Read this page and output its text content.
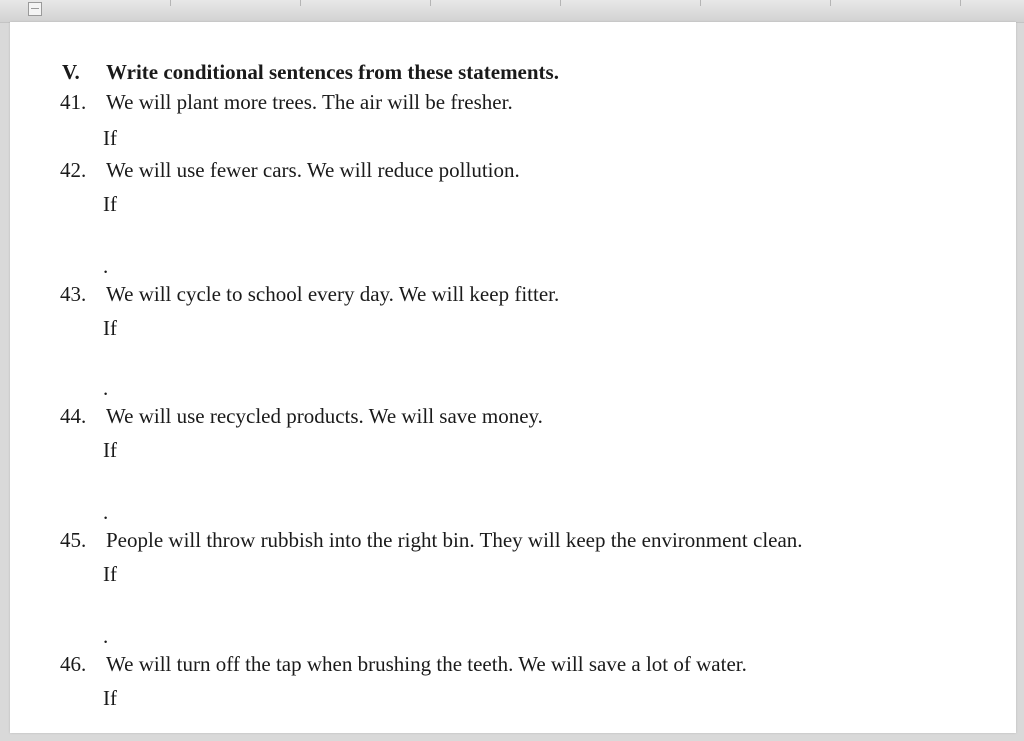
V. Write conditional sentences from these statements.
41. We will plant more trees. The air will be fresher.
If
42. We will use fewer cars. We will reduce pollution.
If
.
43. We will cycle to school every day. We will keep fitter.
If
.
44. We will use recycled products. We will save money.
If
.
45. People will throw rubbish into the right bin. They will keep the environment clean.
If
.
46. We will turn off the tap when brushing the teeth. We will save a lot of water.
If
